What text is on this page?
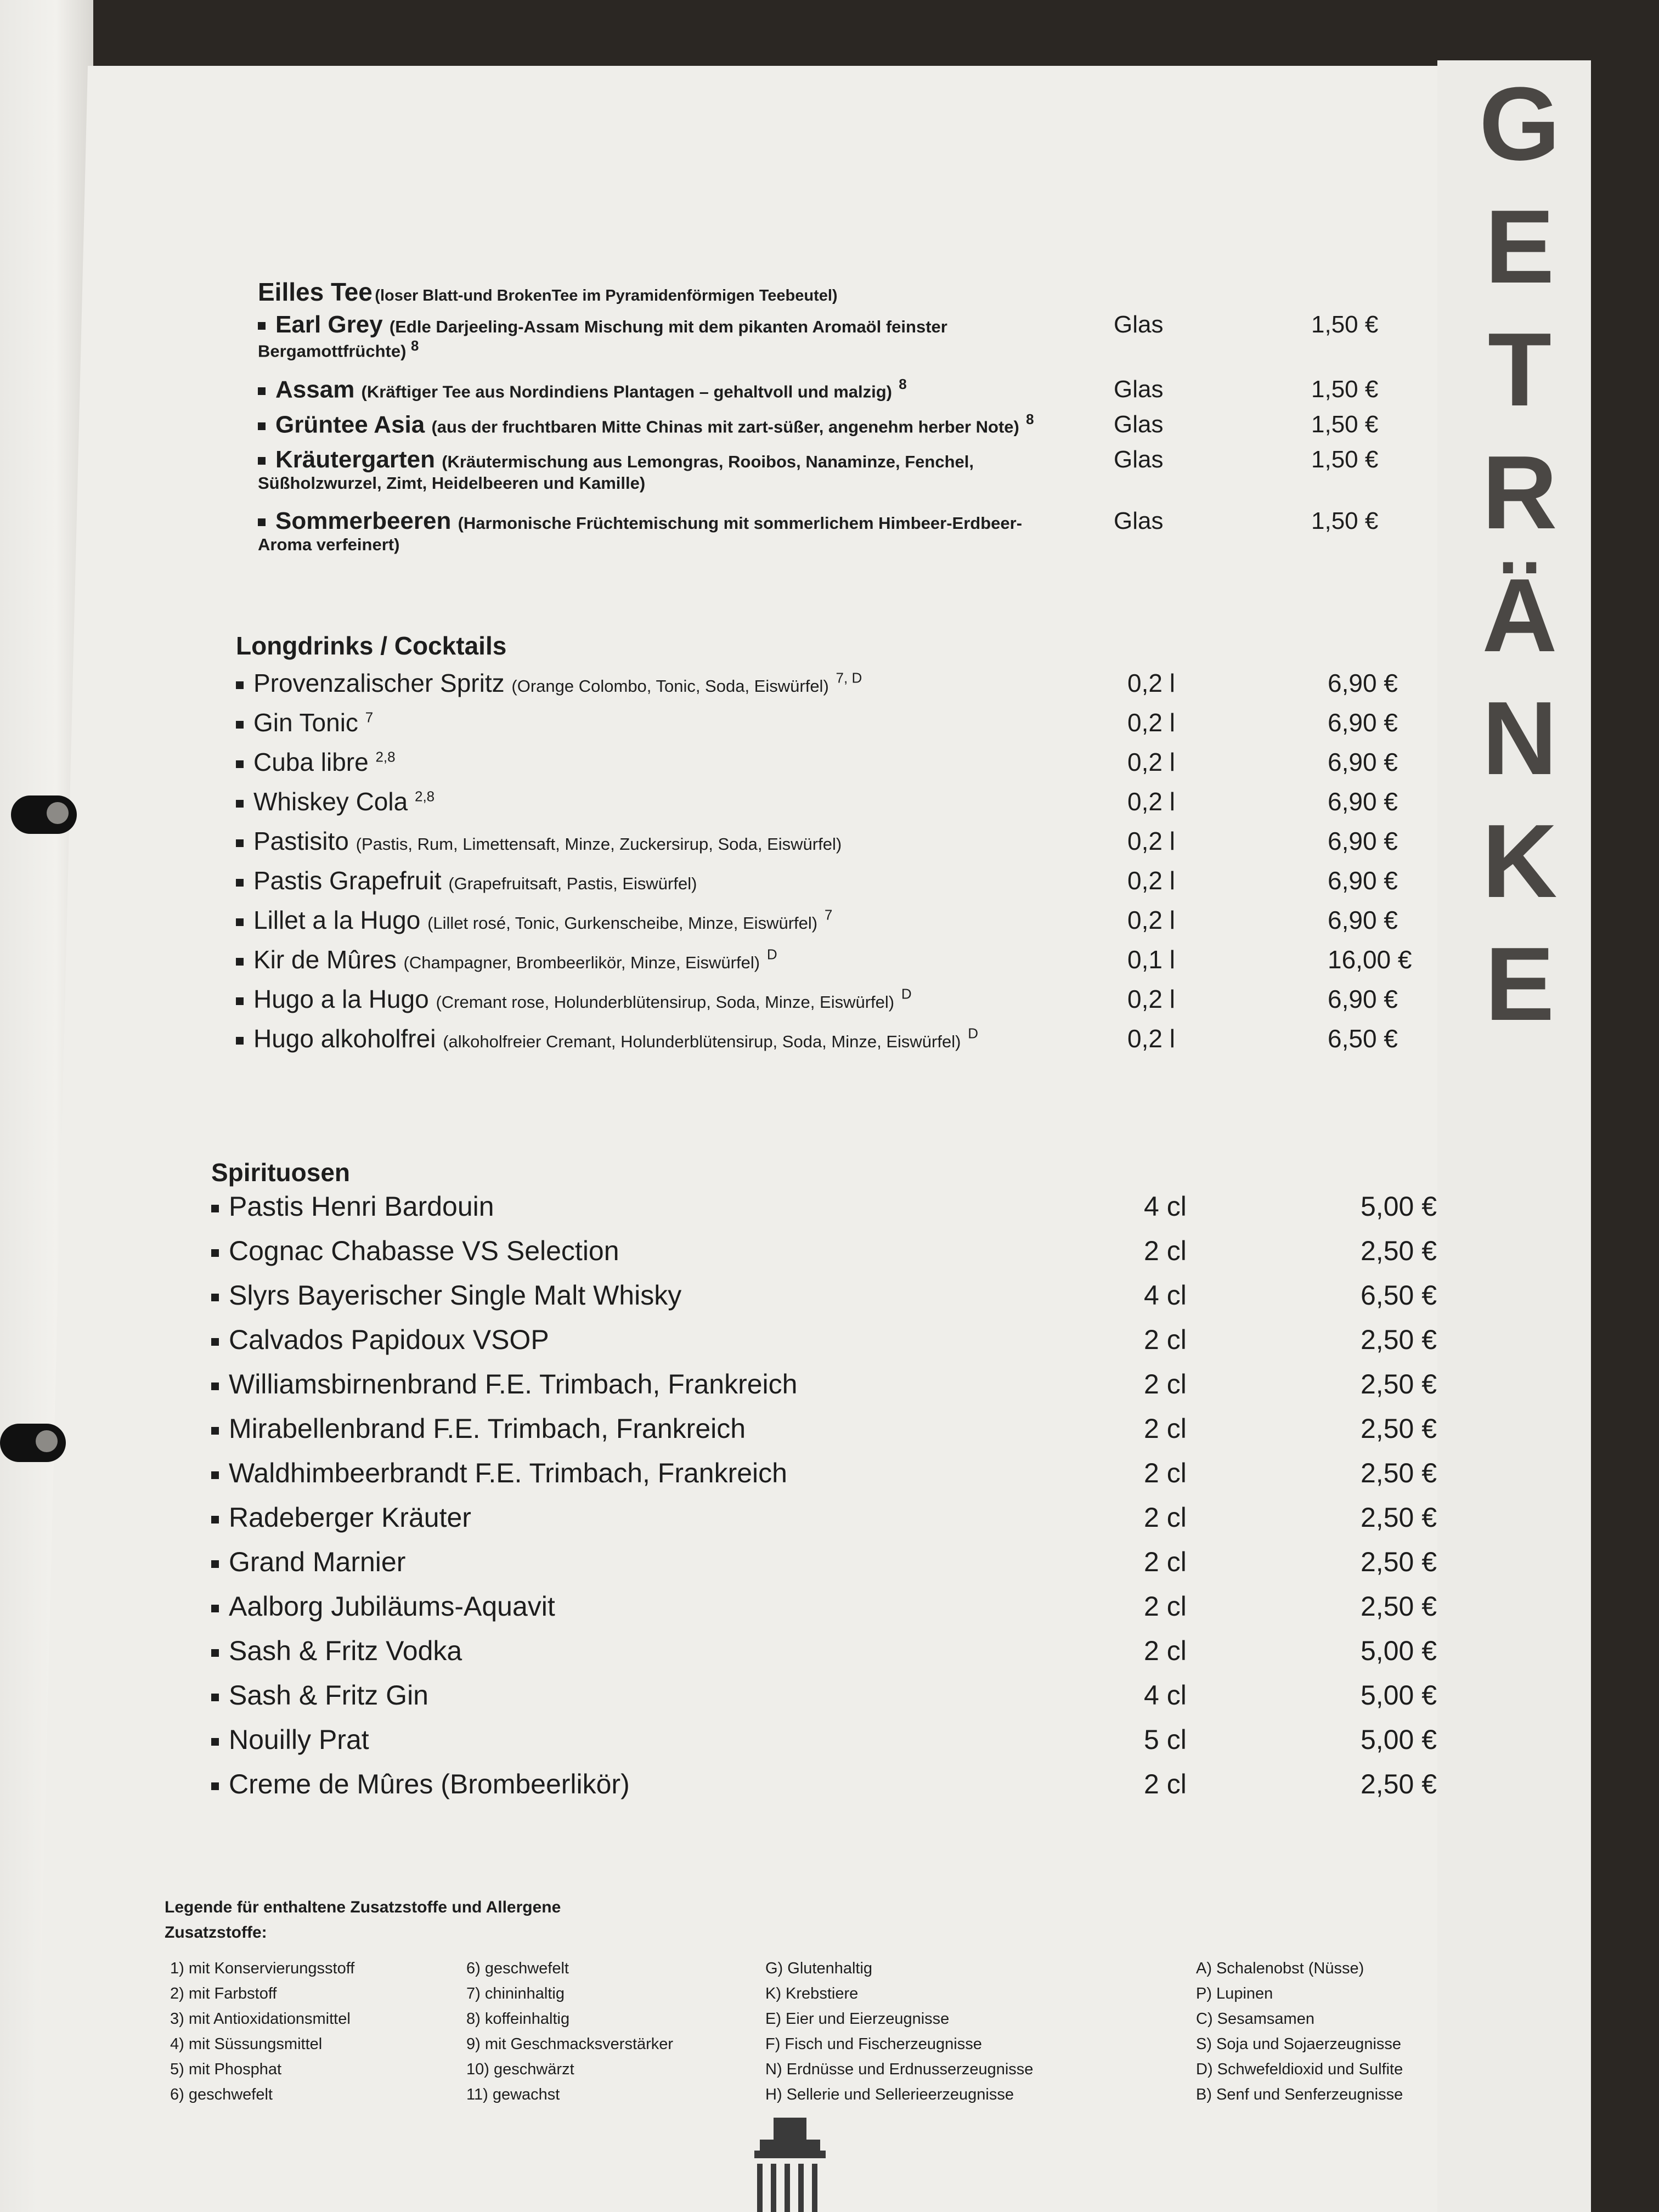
GETRÄNKE
Eilles Tee (loser Blatt-und BrokenTee im Pyramidenförmigen Teebeutel)
Earl Grey (Edle Darjeeling-Assam Mischung mit dem pikanten Aromaöl feinster
Bergamottfrüchte) $^8$
Glas	1,50 €
Assam (Kräftiger Tee aus Nordindiens Plantagen – gehaltvoll und malzig) $^8$	Glas	1,50 €
Grüntee Asia (aus der fruchtbaren Mitte Chinas mit zart-süßer, angenehm herber Note) $^8$	Glas	1,50 €
Kräutergarten (Kräutermischung aus Lemongras, Rooibos, Nanaminze, Fenchel,
Süßholzwurzel, Zimt, Heidelbeeren und Kamille)
Glas	1,50 €
Sommerbeeren (Harmonische Früchtemischung mit sommerlichem Himbeer-Erdbeer-
Aroma verfeinert)
Glas	1,50 €
Longdrinks / Cocktails
Provenzalischer Spritz (Orange Colombo, Tonic, Soda, Eiswürfel) $^{7, D}$	0,2 l	6,90 €
Gin Tonic $^7$	0,2 l	6,90 €
Cuba libre $^{2,8}$	0,2 l	6,90 €
Whiskey Cola $^{2,8}$	0,2 l	6,90 €
Pastisito (Pastis, Rum, Limettensaft, Minze, Zuckersirup, Soda, Eiswürfel)	0,2 l	6,90 €
Pastis Grapefruit (Grapefruitsaft, Pastis, Eiswürfel)	0,2 l	6,90 €
Lillet a la Hugo (Lillet rosé, Tonic, Gurkenscheibe, Minze, Eiswürfel) $^7$	0,2 l	6,90 €
Kir de Mûres (Champagner, Brombeerlikör, Minze, Eiswürfel) $^D$	0,1 l	16,00 €
Hugo a la Hugo (Cremant rose, Holunderblütensirup, Soda, Minze, Eiswürfel) $^D$	0,2 l	6,90 €
Hugo alkoholfrei (alkoholfreier Cremant, Holunderblütensirup, Soda, Minze, Eiswürfel) $^D$	0,2 l	6,50 €
Spirituosen
Pastis Henri Bardouin	4 cl	5,00 €
Cognac Chabasse VS Selection	2 cl	2,50 €
Slyrs Bayerischer Single Malt Whisky	4 cl	6,50 €
Calvados Papidoux VSOP	2 cl	2,50 €
Williamsbirnenbrand F.E. Trimbach, Frankreich	2 cl	2,50 €
Mirabellenbrand F.E. Trimbach, Frankreich	2 cl	2,50 €
Waldhimbeerbrandt F.E. Trimbach, Frankreich	2 cl	2,50 €
Radeberger Kräuter	2 cl	2,50 €
Grand Marnier	2 cl	2,50 €
Aalborg Jubiläums-Aquavit	2 cl	2,50 €
Sash & Fritz Vodka	2 cl	5,00 €
Sash & Fritz Gin	4 cl	5,00 €
Nouilly Prat	5 cl	5,00 €
Creme de Mûres (Brombeerlikör)	2 cl	2,50 €
Legende für enthaltene Zusatzstoffe und Allergene
Zusatzstoffe:
1) mit Konservierungsstoff
2) mit Farbstoff
3) mit Antioxidationsmittel
4) mit Süssungsmittel
5) mit Phosphat
6) geschwefelt
6) geschwefelt
7) chininhaltig
8) koffeinhaltig
9) mit Geschmacksverstärker
10) geschwärzt
11) gewachst
G) Glutenhaltig
K) Krebstiere
E) Eier und Eierzeugnisse
F) Fisch und Fischerzeugnisse
N) Erdnüsse und Erdnusserzeugnisse
H) Sellerie und Sellerieerzeugnisse
A) Schalenobst (Nüsse)
P) Lupinen
C) Sesamsamen
S) Soja und Sojaerzeugnisse
D) Schwefeldioxid und Sulfite
B) Senf und Senferzeugnisse
